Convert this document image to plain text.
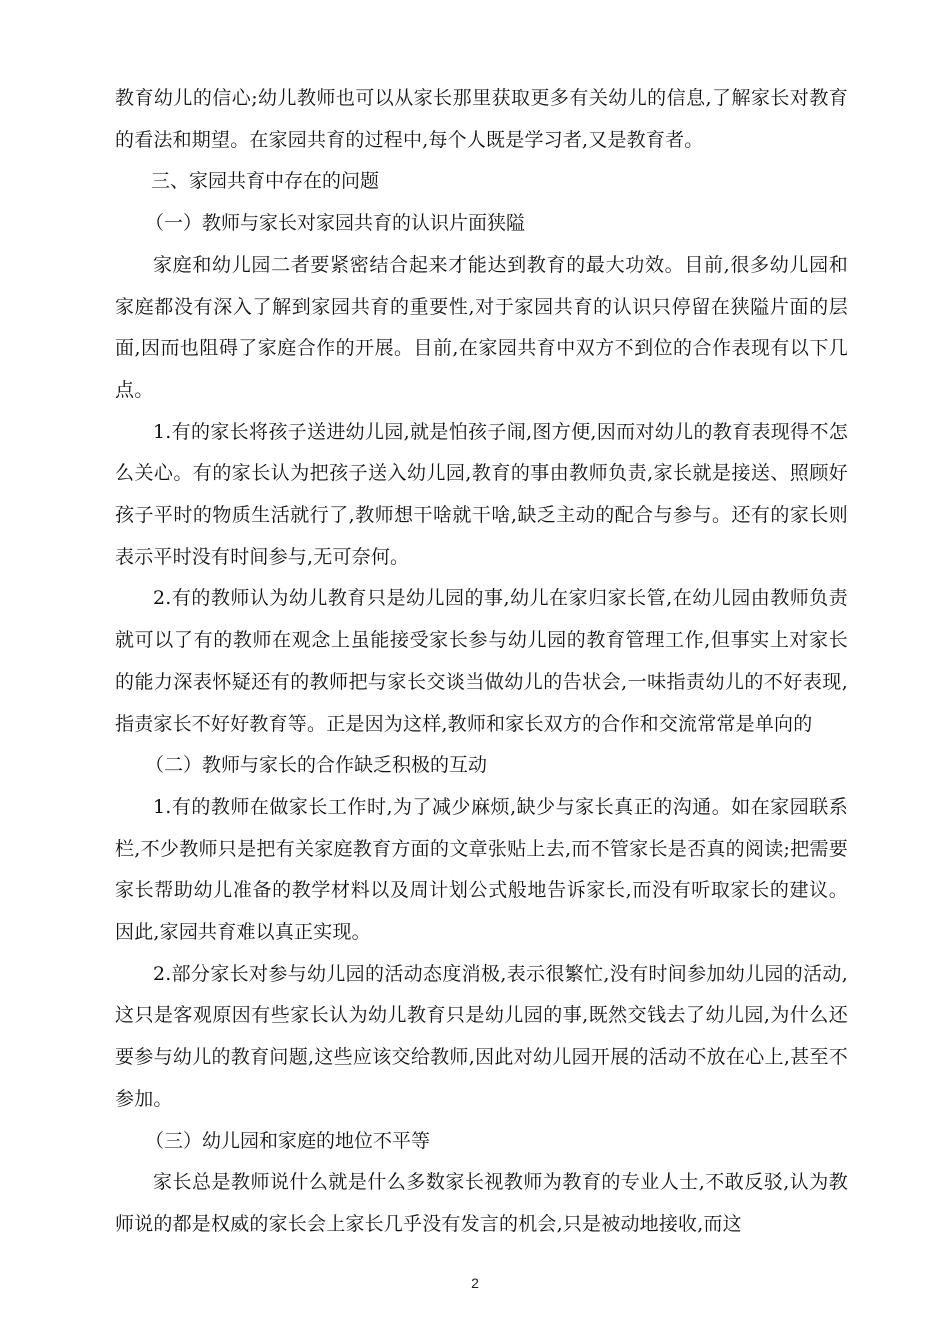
教育幼儿的信心;幼儿教师也可以从家长那里获取更多有关幼儿的信息,了解家长对教育的看法和期望。在家园共育的过程中,每个人既是学习者,又是教育者。

三、家园共育中存在的问题

（一）教师与家长对家园共育的认识片面狭隘

家庭和幼儿园二者要紧密结合起来才能达到教育的最大功效。目前,很多幼儿园和家庭都没有深入了解到家园共育的重要性,对于家园共育的认识只停留在狭隘片面的层面,因而也阻碍了家庭合作的开展。目前,在家园共育中双方不到位的合作表现有以下几点。

1.有的家长将孩子送进幼儿园,就是怕孩子闹,图方便,因而对幼儿的教育表现得不怎么关心。有的家长认为把孩子送入幼儿园,教育的事由教师负责,家长就是接送、照顾好孩子平时的物质生活就行了,教师想干啥就干啥,缺乏主动的配合与参与。还有的家长则表示平时没有时间参与,无可奈何。

2.有的教师认为幼儿教育只是幼儿园的事,幼儿在家归家长管,在幼儿园由教师负责就可以了有的教师在观念上虽能接受家长参与幼儿园的教育管理工作,但事实上对家长的能力深表怀疑还有的教师把与家长交谈当做幼儿的告状会,一味指责幼儿的不好表现,指责家长不好好教育等。正是因为这样,教师和家长双方的合作和交流常常是单向的

（二）教师与家长的合作缺乏积极的互动

1.有的教师在做家长工作时,为了减少麻烦,缺少与家长真正的沟通。如在家园联系栏,不少教师只是把有关家庭教育方面的文章张贴上去,而不管家长是否真的阅读;把需要家长帮助幼儿准备的教学材料以及周计划公式般地告诉家长,而没有听取家长的建议。因此,家园共育难以真正实现。

2.部分家长对参与幼儿园的活动态度消极,表示很繁忙,没有时间参加幼儿园的活动,这只是客观原因有些家长认为幼儿教育只是幼儿园的事,既然交钱去了幼儿园,为什么还要参与幼儿的教育问题,这些应该交给教师,因此对幼儿园开展的活动不放在心上,甚至不参加。

（三）幼儿园和家庭的地位不平等

家长总是教师说什么就是什么多数家长视教师为教育的专业人士,不敢反驳,认为教师说的都是权威的家长会上家长几乎没有发言的机会,只是被动地接收,而这

2
